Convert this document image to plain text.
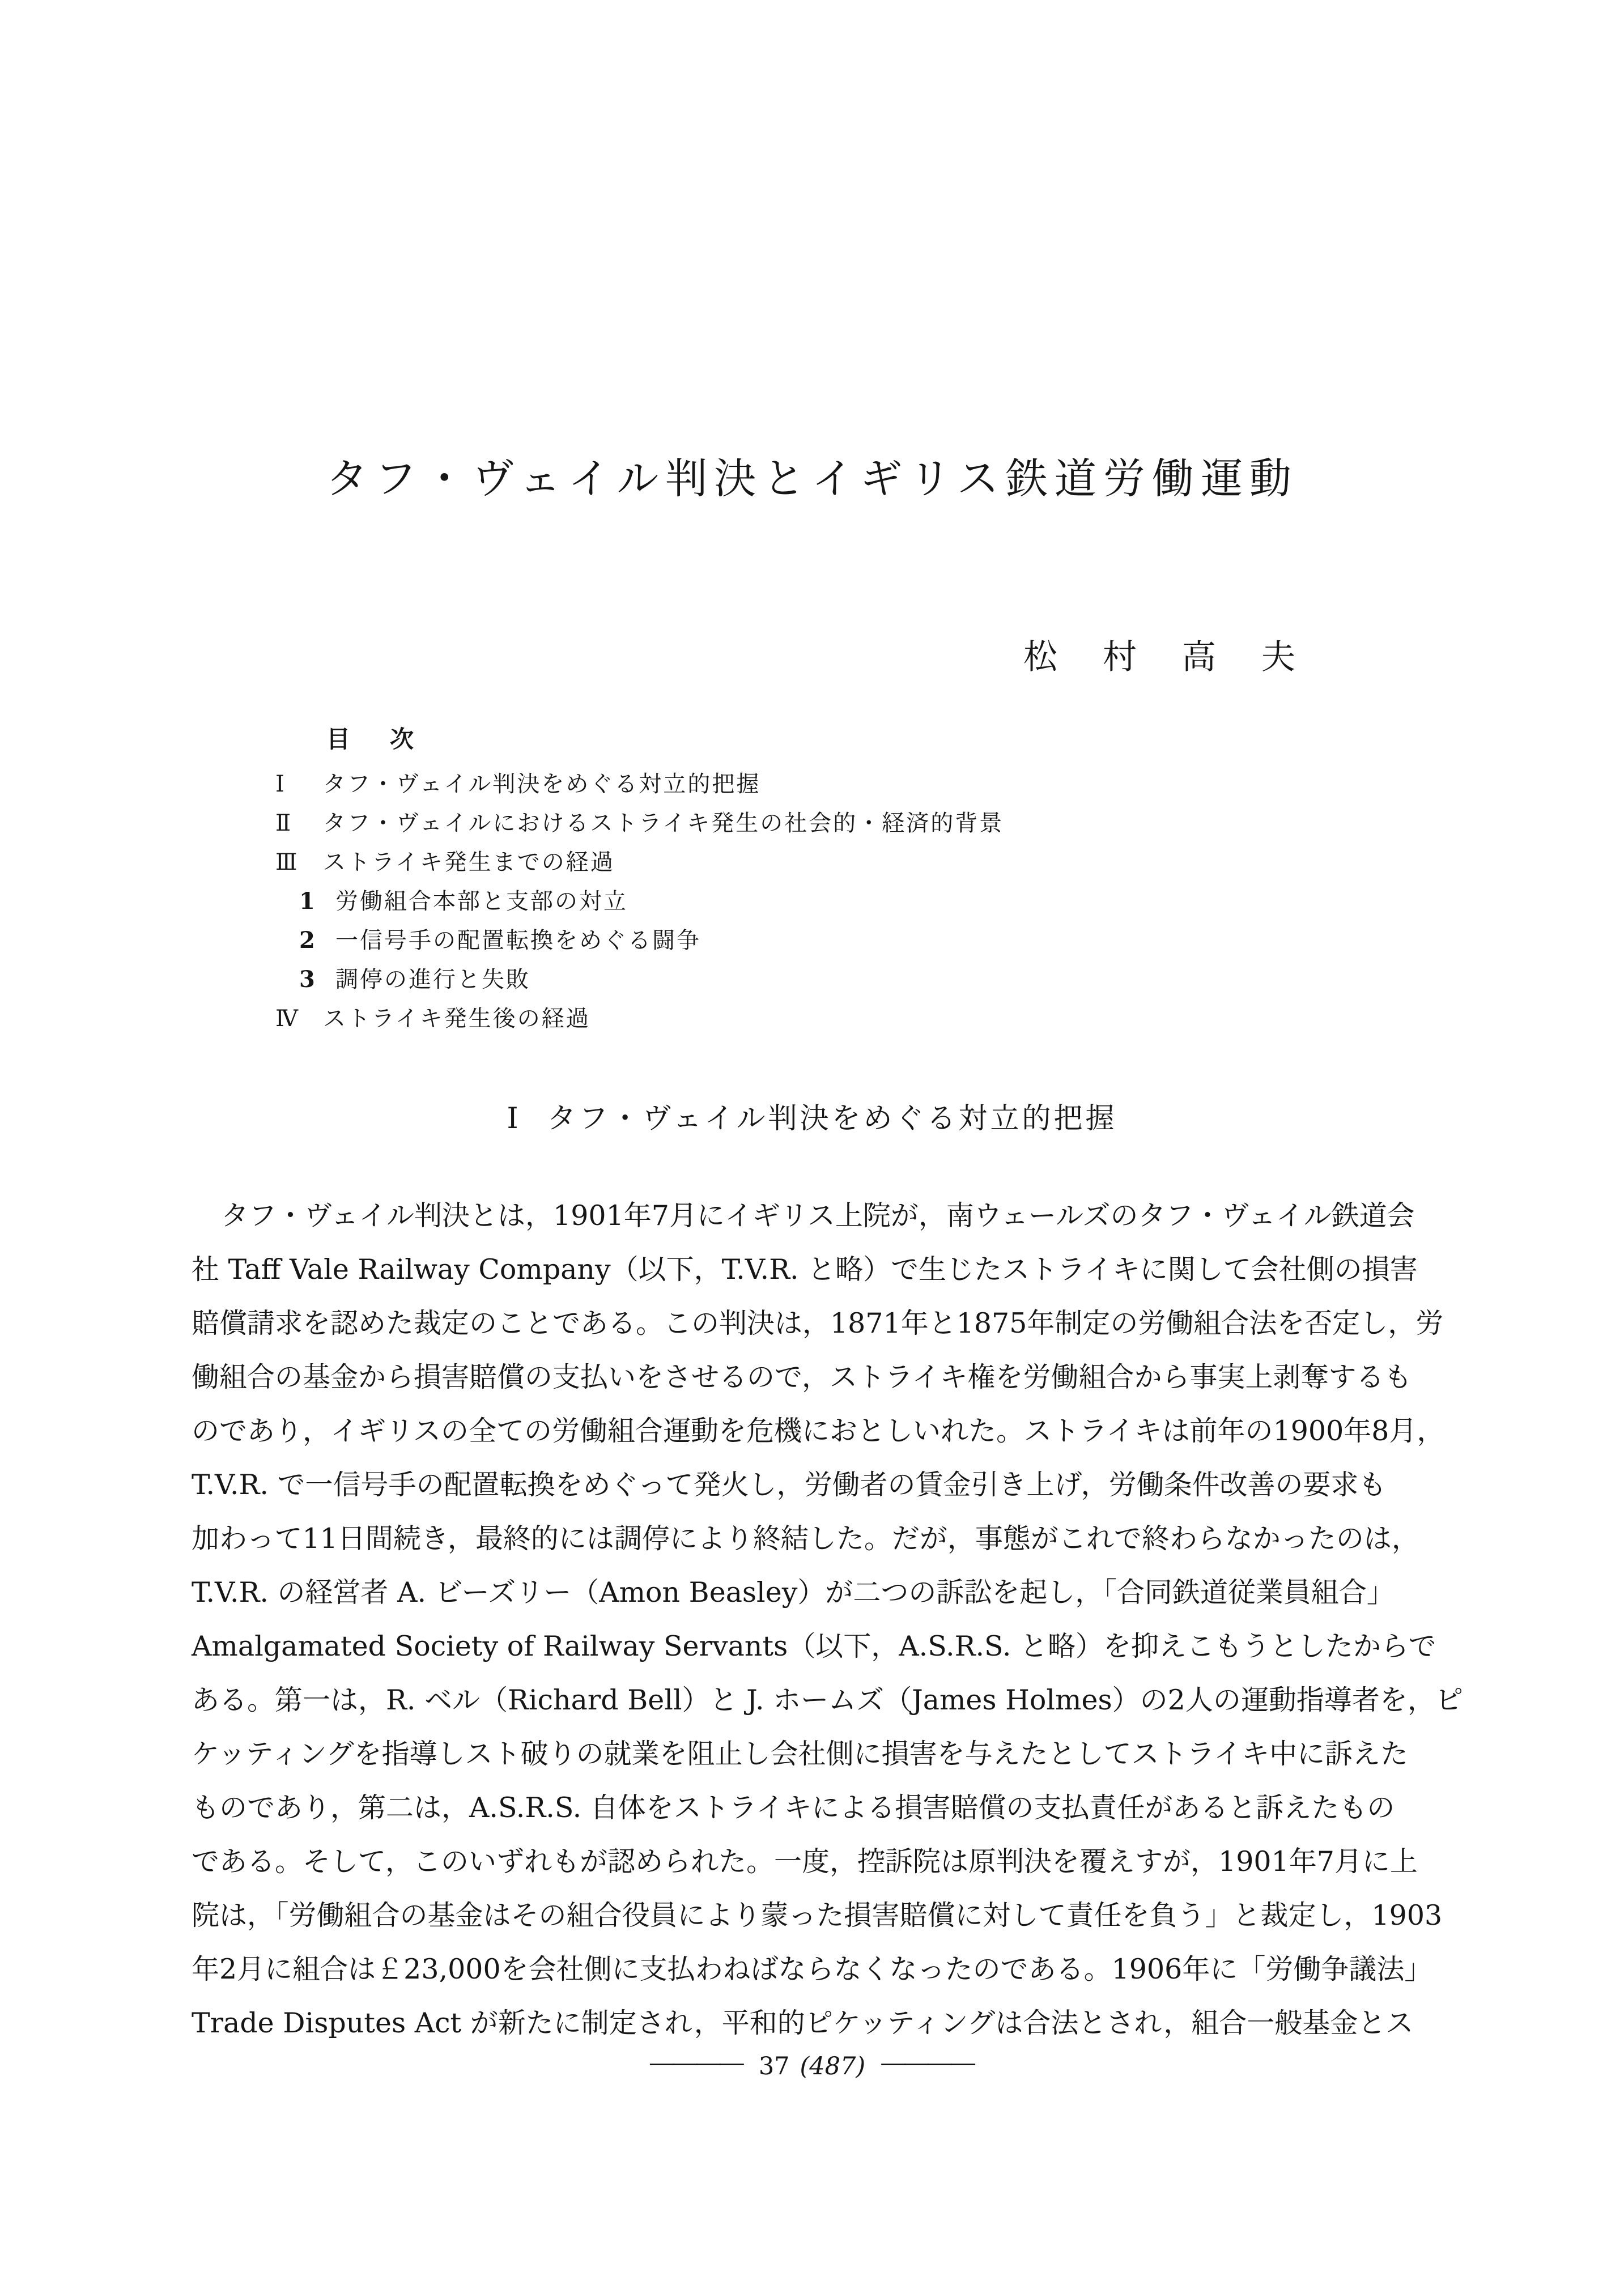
タフ・ヴェイル判決とイギリス鉄道労働運動
松　村　高　夫
目　次
Ⅰ	タフ・ヴェイル判決をめぐる対立的把握
Ⅱ	タフ・ヴェイルにおけるストライキ発生の社会的・経済的背景
Ⅲ	ストライキ発生までの経過
1 労働組合本部と支部の対立
2 一信号手の配置転換をめぐる闘争
3 調停の進行と失敗
Ⅳ	ストライキ発生後の経過
Ⅰ タフ・ヴェイル判決をめぐる対立的把握
タフ・ヴェイル判決とは，1901年7月にイギリス上院が，南ウェールズのタフ・ヴェイル鉄道会
社 Taff Vale Railway Company（以下，T.V.R. と略）で生じたストライキに関して会社側の損害
賠償請求を認めた裁定のことである。この判決は，1871年と1875年制定の労働組合法を否定し，労
働組合の基金から損害賠償の支払いをさせるので，ストライキ権を労働組合から事実上剥奪するも
のであり，イギリスの全ての労働組合運動を危機におとしいれた。ストライキは前年の1900年8月，
T.V.R. で一信号手の配置転換をめぐって発火し，労働者の賃金引き上げ，労働条件改善の要求も
加わって11日間続き，最終的には調停により終結した。だが，事態がこれで終わらなかったのは，
T.V.R. の経営者 A. ビーズリー（Amon Beasley）が二つの訴訟を起し，「合同鉄道従業員組合」
Amalgamated Society of Railway Servants（以下，A.S.R.S. と略）を抑えこもうとしたからで
ある。第一は，R. ベル（Richard Bell）と J. ホームズ（James Holmes）の2人の運動指導者を，ピ
ケッティングを指導しスト破りの就業を阻止し会社側に損害を与えたとしてストライキ中に訴えた
ものであり，第二は，A.S.R.S. 自体をストライキによる損害賠償の支払責任があると訴えたもの
である。そして，このいずれもが認められた。一度，控訴院は原判決を覆えすが，1901年7月に上
院は，「労働組合の基金はその組合役員により蒙った損害賠償に対して責任を負う」と裁定し，1903
年2月に組合は￡23,000を会社側に支払わねばならなくなったのである。1906年に「労働争議法」
Trade Disputes Act が新たに制定され，平和的ピケッティングは合法とされ，組合一般基金とス
―――― 37 (487) ――――
